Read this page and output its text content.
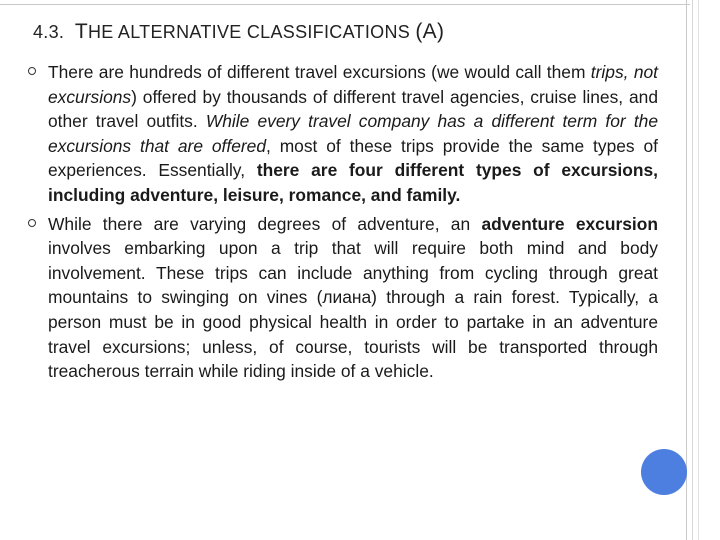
4.3. THE ALTERNATIVE CLASSIFICATIONS (A)
There are hundreds of different travel excursions (we would call them trips, not excursions) offered by thousands of different travel agencies, cruise lines, and other travel outfits. While every travel company has a different term for the excursions that are offered, most of these trips provide the same types of experiences. Essentially, there are four different types of excursions, including adventure, leisure, romance, and family.
While there are varying degrees of adventure, an adventure excursion involves embarking upon a trip that will require both mind and body involvement. These trips can include anything from cycling through great mountains to swinging on vines (лиана) through a rain forest. Typically, a person must be in good physical health in order to partake in an adventure travel excursions; unless, of course, tourists will be transported through treacherous terrain while riding inside of a vehicle.
